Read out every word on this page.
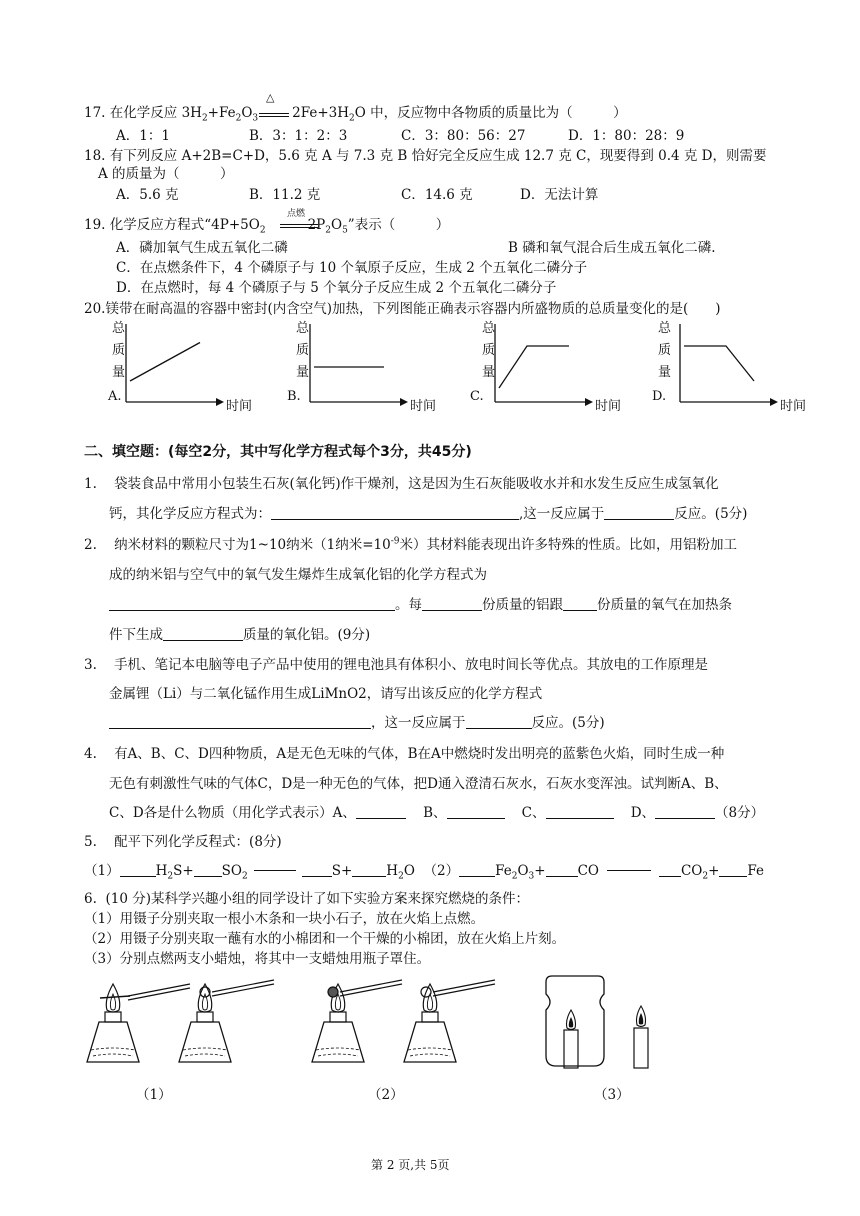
17. 在化学反应 $3H_2+Fe_2O_3$	$2Fe+3H_2O$ 中，反应物中各物质的质量比为（　　　）
△
A．1：1	B．3：1：2：3	C．3：80：56：27	D．1：80：28：9
18. 有下列反应 A+2B=C+D，5.6 克 A 与 7.3 克 B 恰好完全反应生成 12.7 克 C，现要得到 0.4 克 D，则需要
A 的质量为（　　　）
A．5.6 克	B．11.2 克	C．14.6 克	D．无法计算
19. 化学反应方程式“$4P+5O_2$	$2P_2O_5$”表示（　　　）
点燃
A．磷加氧气生成五氧化二磷	B 磷和氧气混合后生成五氧化二磷.
C．在点燃条件下，4 个磷原子与 10 个氧原子反应，生成 2 个五氧化二磷分子
D．在点燃时，每 4 个磷原子与 5 个氧分子反应生成 2 个五氧化二磷分子
20.镁带在耐高温的容器中密封(内含空气)加热，下列图能正确表示容器内所盛物质的总质量变化的是(　　)
总
质
量
时间
A.
总
质
量
时间
B.
总
质
量
时间
C.
总
质
量
时间
D.
二、填空题：(每空2分，其中写化学方程式每个3分，共45分)
1. 袋装食品中常用小包装生石灰(氧化钙)作干燥剂，这是因为生石灰能吸收水并和水发生反应生成氢氧化
钙，其化学反应方程式为：	,这一反应属于	反应。(5分)
2. 纳米材料的颗粒尺寸为1~10纳米（1纳米$=10^{-9}$米）其材料能表现出许多特殊的性质。比如，用铝粉加工
成的纳米铝与空气中的氧气发生爆炸生成氧化铝的化学方程式为
。每	份质量的铝跟	份质量的氧气在加热条
件下生成	质量的氧化铝。(9分)
3. 手机、笔记本电脑等电子产品中使用的锂电池具有体积小、放电时间长等优点。其放电的工作原理是
金属锂（Li）与二氧化锰作用生成LiMnO2，请写出该反应的化学方程式
，这一反应属于	反应。(5分)
4. 有A、B、C、D四种物质，A是无色无味的气体，B在A中燃烧时发出明亮的蓝紫色火焰，同时生成一种
无色有刺激性气味的气体C，D是一种无色的气体，把D通入澄清石灰水，石灰水变浑浊。试判断A、B、
C、D各是什么物质（用化学式表示）A、	B、	C、	D、	（8分）
5. 配平下列化学反程式：(8分)
（1）	$H_2S+ SO_2$	S+	$H_2O$ （2）	$Fe_2O_3+$ CO	$CO_2+ Fe$
6. (10 分)某科学兴趣小组的同学设计了如下实验方案来探究燃烧的条件：
（1）用镊子分别夹取一根小木条和一块小石子，放在火焰上点燃。
（2）用镊子分别夹取一蘸有水的小棉团和一个干燥的小棉团，放在火焰上片刻。
（3）分别点燃两支小蜡烛，将其中一支蜡烛用瓶子罩住。
（1）	（2）	（3）
第 2 页,共 5页
